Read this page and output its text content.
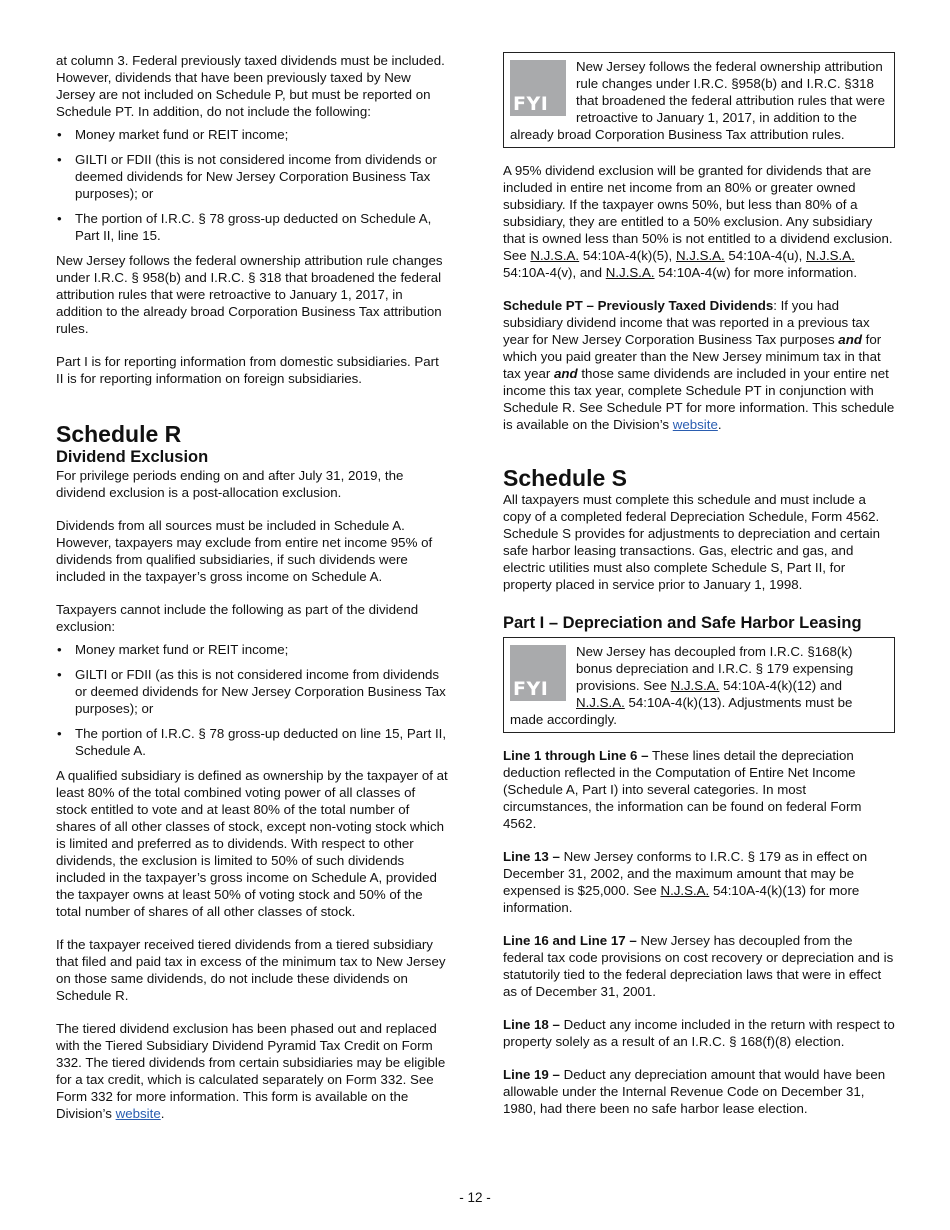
at column 3. Federal previously taxed dividends must be included. However, dividends that have been previously taxed by New Jersey are not included on Schedule P, but must be reported on Schedule PT. In addition, do not include the following:

• Money market fund or REIT income;
• GILTI or FDII (this is not considered income from dividends or deemed dividends for New Jersey Corporation Business Tax purposes); or
• The portion of I.R.C. § 78 gross-up deducted on Schedule A, Part II, line 15.

New Jersey follows the federal ownership attribution rule changes under I.R.C. § 958(b) and I.R.C. § 318 that broadened the federal attribution rules that were retroactive to January 1, 2017, in addition to the already broad Corporation Business Tax attribution rules.

Part I is for reporting information from domestic subsidiaries. Part II is for reporting information on foreign subsidiaries.

Schedule R
Dividend Exclusion

For privilege periods ending on and after July 31, 2019, the dividend exclusion is a post-allocation exclusion.

Dividends from all sources must be included in Schedule A. However, taxpayers may exclude from entire net income 95% of dividends from qualified subsidiaries, if such dividends were included in the taxpayer’s gross income on Schedule A.

Taxpayers cannot include the following as part of the dividend exclusion:

• Money market fund or REIT income;
• GILTI or FDII (as this is not considered income from dividends or deemed dividends for New Jersey Corporation Business Tax purposes); or
• The portion of I.R.C. § 78 gross-up deducted on line 15, Part II, Schedule A.

A qualified subsidiary is defined as ownership by the taxpayer of at least 80% of the total combined voting power of all classes of stock entitled to vote and at least 80% of the total number of shares of all other classes of stock, except non-voting stock which is limited and preferred as to dividends. With respect to other dividends, the exclusion is limited to 50% of such dividends included in the taxpayer’s gross income on Schedule A, provided the taxpayer owns at least 50% of voting stock and 50% of the total number of shares of all other classes of stock.

If the taxpayer received tiered dividends from a tiered subsidiary that filed and paid tax in excess of the minimum tax to New Jersey on those same dividends, do not include these dividends on Schedule R.

The tiered dividend exclusion has been phased out and replaced with the Tiered Subsidiary Dividend Pyramid Tax Credit on Form 332. The tiered dividends from certain subsidiaries may be eligible for a tax credit, which is calculated separately on Form 332. See Form 332 for more information. This form is available on the Division’s website.

FYI
New Jersey follows the federal ownership attribution rule changes under I.R.C. §958(b) and I.R.C. §318 that broadened the federal attribution rules that were retroactive to January 1, 2017, in addition to the already broad Corporation Business Tax attribution rules.

A 95% dividend exclusion will be granted for dividends that are included in entire net income from an 80% or greater owned subsidiary. If the taxpayer owns 50%, but less than 80% of a subsidiary, they are entitled to a 50% exclusion. Any subsidiary that is owned less than 50% is not entitled to a dividend exclusion. See N.J.S.A. 54:10A-4(k)(5), N.J.S.A. 54:10A-4(u), N.J.S.A. 54:10A-4(v), and N.J.S.A. 54:10A-4(w) for more information.

Schedule PT – Previously Taxed Dividends: If you had subsidiary dividend income that was reported in a previous tax year for New Jersey Corporation Business Tax purposes and for which you paid greater than the New Jersey minimum tax in that tax year and those same dividends are included in your entire net income this tax year, complete Schedule PT in conjunction with Schedule R. See Schedule PT for more information. This schedule is available on the Division’s website.

Schedule S

All taxpayers must complete this schedule and must include a copy of a completed federal Depreciation Schedule, Form 4562. Schedule S provides for adjustments to depreciation and certain safe harbor leasing transactions. Gas, electric and gas, and electric utilities must also complete Schedule S, Part II, for property placed in service prior to January 1, 1998.

Part I – Depreciation and Safe Harbor Leasing
FYI
New Jersey has decoupled from I.R.C. §168(k) bonus depreciation and I.R.C. § 179 expensing provisions. See N.J.S.A. 54:10A-4(k)(12) and N.J.S.A. 54:10A-4(k)(13). Adjustments must be made accordingly.

Line 1 through Line 6 – These lines detail the depreciation deduction reflected in the Computation of Entire Net Income (Schedule A, Part I) into several categories. In most circumstances, the information can be found on federal Form 4562.

Line 13 – New Jersey conforms to I.R.C. § 179 as in effect on December 31, 2002, and the maximum amount that may be expensed is $25,000. See N.J.S.A. 54:10A-4(k)(13) for more information.

Line 16 and Line 17 – New Jersey has decoupled from the federal tax code provisions on cost recovery or depreciation and is statutorily tied to the federal depreciation laws that were in effect as of December 31, 2001.

Line 18 – Deduct any income included in the return with respect to property solely as a result of an I.R.C. § 168(f)(8) election.

Line 19 – Deduct any depreciation amount that would have been allowable under the Internal Revenue Code on December 31, 1980, had there been no safe harbor lease election.

- 12 -
